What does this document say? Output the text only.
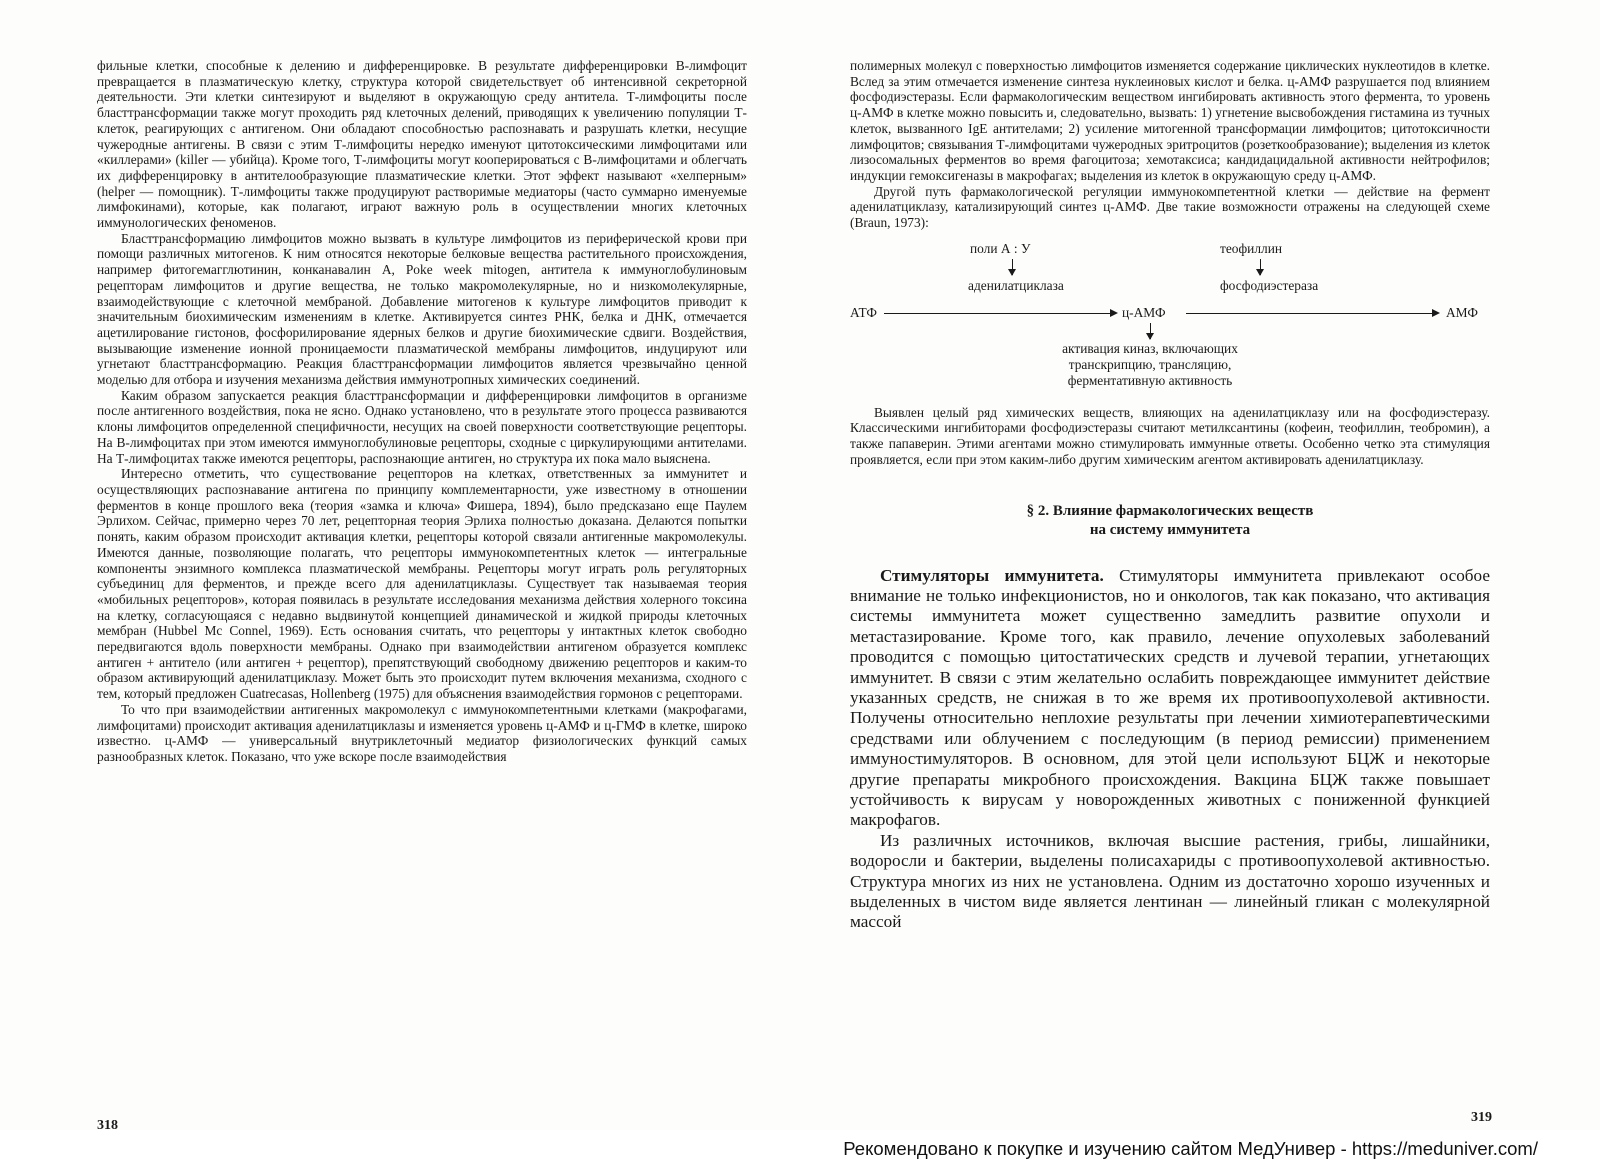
фильные клетки, способные к делению и дифференцировке. В результате дифференцировки В-лимфоцит превращается в плазматическую клетку, структура которой свидетельствует об интенсивной секреторной деятельности. Эти клетки синтезируют и выделяют в окружающую среду антитела. Т-лимфоциты после бласттрансформации также могут проходить ряд клеточных делений, приводящих к увеличению популяции Т-клеток, реагирующих с антигеном. Они обладают способностью распознавать и разрушать клетки, несущие чужеродные антигены. В связи с этим Т-лимфоциты нередко именуют цитотоксическими лимфоцитами или «киллерами» (killer — убийца). Кроме того, Т-лимфоциты могут кооперироваться с В-лимфоцитами и облегчать их дифференцировку в антителообразующие плазматические клетки. Этот эффект называют «хелперным» (helper — помощник). Т-лимфоциты также продуцируют растворимые медиаторы (часто суммарно именуемые лимфокинами), которые, как полагают, играют важную роль в осуществлении многих клеточных иммунологических феноменов.

Бласттрансформацию лимфоцитов можно вызвать в культуре лимфоцитов из периферической крови при помощи различных митогенов. К ним относятся некоторые белковые вещества растительного происхождения, например фитогемагглютинин, конканавалин А, Poke week mitogen, антитела к иммуноглобулиновым рецепторам лимфоцитов и другие вещества, не только макромолекулярные, но и низкомолекулярные, взаимодействующие с клеточной мембраной. Добавление митогенов к культуре лимфоцитов приводит к значительным биохимическим изменениям в клетке. Активируется синтез РНК, белка и ДНК, отмечается ацетилирование гистонов, фосфорилирование ядерных белков и другие биохимические сдвиги. Воздействия, вызывающие изменение ионной проницаемости плазматической мембраны лимфоцитов, индуцируют или угнетают бласттрансформацию. Реакция бласттрансформации лимфоцитов является чрезвычайно ценной моделью для отбора и изучения механизма действия иммунотропных химических соединений.

Каким образом запускается реакция бласттрансформации и дифференцировки лимфоцитов в организме после антигенного воздействия, пока не ясно. Однако установлено, что в результате этого процесса развиваются клоны лимфоцитов определенной специфичности, несущих на своей поверхности соответствующие рецепторы. На В-лимфоцитах при этом имеются иммуноглобулиновые рецепторы, сходные с циркулирующими антителами. На Т-лимфоцитах также имеются рецепторы, распознающие антиген, но структура их пока мало выяснена.

Интересно отметить, что существование рецепторов на клетках, ответственных за иммунитет и осуществляющих распознавание антигена по принципу комплементарности, уже известному в отношении ферментов в конце прошлого века (теория «замка и ключа» Фишера, 1894), было предсказано еще Паулем Эрлихом. Сейчас, примерно через 70 лет, рецепторная теория Эрлиха полностью доказана. Делаются попытки понять, каким образом происходит активация клетки, рецепторы которой связали антигенные макромолекулы. Имеются данные, позволяющие полагать, что рецепторы иммунокомпетентных клеток — интегральные компоненты энзимного комплекса плазматической мембраны. Рецепторы могут играть роль регуляторных субъединиц для ферментов, и прежде всего для аденилатциклазы. Существует так называемая теория «мобильных рецепторов», которая появилась в результате исследования механизма действия холерного токсина на клетку, согласующаяся с недавно выдвинутой концепцией динамической и жидкой природы клеточных мембран (Hubbel Mc Connel, 1969). Есть основания считать, что рецепторы у интактных клеток свободно передвигаются вдоль поверхности мембраны. Однако при взаимодействии антигеном образуется комплекс антиген + антитело (или антиген + рецептор), препятствующий свободному движению рецепторов и каким-то образом активирующий аденилатциклазу. Может быть это происходит путем включения механизма, сходного с тем, который предложен Cuatrecasas, Hollenberg (1975) для объяснения взаимодействия гормонов с рецепторами.

То что при взаимодействии антигенных макромолекул с иммунокомпетентными клетками (макрофагами, лимфоцитами) происходит активация аденилатциклазы и изменяется уровень ц-АМФ и ц-ГМФ в клетке, широко известно. ц-АМФ — универсальный внутриклеточный медиатор физиологических функций самых разнообразных клеток. Показано, что уже вскоре после взаимодействия

318

полимерных молекул с поверхностью лимфоцитов изменяется содержание циклических нуклеотидов в клетке. Вслед за этим отмечается изменение синтеза нуклеиновых кислот и белка. ц-АМФ разрушается под влиянием фосфодиэстеразы. Если фармакологическим веществом ингибировать активность этого фермента, то уровень ц-АМФ в клетке можно повысить и, следовательно, вызвать: 1) угнетение высвобождения гистамина из тучных клеток, вызванного IgE антителами; 2) усиление митогенной трансформации лимфоцитов; цитотоксичности лимфоцитов; связывания Т-лимфоцитами чужеродных эритроцитов (розеткообразование); выделения из клеток лизосомальных ферментов во время фагоцитоза; хемотаксиса; кандидацидальной активности нейтрофилов; индукции гемоксигеназы в макрофагах; выделения из клеток в окружающую среду ц-АМФ.

Другой путь фармакологической регуляции иммунокомпетентной клетки — действие на фермент аденилатциклазу, катализирующий синтез ц-АМФ. Две такие возможности отражены на следующей схеме (Braun, 1973):

поли А : У
аденилатциклаза
теофиллин
фосфодиэстераза
АТФ	ц-АМФ	АМФ
активация киназ, включающих
транскрипцию, трансляцию,
ферментативную активность

Выявлен целый ряд химических веществ, влияющих на аденилатциклазу или на фосфодиэстеразу. Классическими ингибиторами фосфодиэстеразы считают метилксантины (кофеин, теофиллин, теобромин), а также папаверин. Этими агентами можно стимулировать иммунные ответы. Особенно четко эта стимуляция проявляется, если при этом каким-либо другим химическим агентом активировать аденилатциклазу.

§ 2. Влияние фармакологических веществ
на систему иммунитета

Стимуляторы иммунитета. Стимуляторы иммунитета привлекают особое внимание не только инфекционистов, но и онкологов, так как показано, что активация системы иммунитета может существенно замедлить развитие опухоли и метастазирование. Кроме того, как правило, лечение опухолевых заболеваний проводится с помощью цитостатических средств и лучевой терапии, угнетающих иммунитет. В связи с этим желательно ослабить повреждающее иммунитет действие указанных средств, не снижая в то же время их противоопухолевой активности. Получены относительно неплохие результаты при лечении химиотерапевтическими средствами или облучением с последующим (в период ремиссии) применением иммуностимуляторов. В основном, для этой цели используют БЦЖ и некоторые другие препараты микробного происхождения. Вакцина БЦЖ также повышает устойчивость к вирусам у новорожденных животных с пониженной функцией макрофагов.

Из различных источников, включая высшие растения, грибы, лишайники, водоросли и бактерии, выделены полисахариды с противоопухолевой активностью. Структура многих из них не установлена. Одним из достаточно хорошо изученных и выделенных в чистом виде является лентинан — линейный гликан с молекулярной массой

319
Рекомендовано к покупке и изучению сайтом МедУнивер - https://meduniver.com/
